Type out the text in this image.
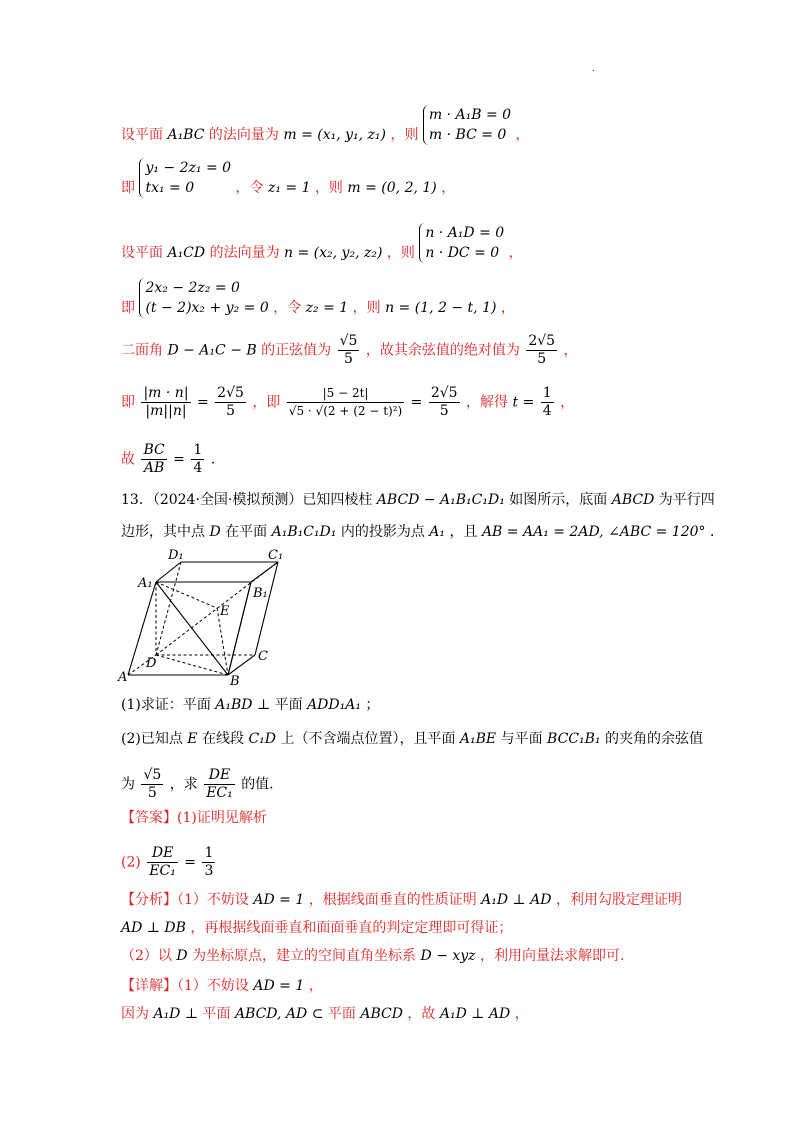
.
设平面 A₁BC 的法向量为 m = (x₁, y₁, z₁) ，则 m · A₁B = 0
m · BC = 0 ，
即 y₁ − 2z₁ = 0
tx₁ = 0	，令 z₁ = 1 ，则 m = (0, 2, 1) ，
设平面 A₁CD 的法向量为 n = (x₂, y₂, z₂) ，则 n · A₁D = 0
n · DC = 0 ，
即 2x₂ − 2z₂ = 0
(t − 2)x₂ + y₂ = 0 ，令 z₂ = 1 ，则 n = (1, 2 − t, 1) ，
二面角 D − A₁C − B 的正弦值为 $\frac{√5}{5}$ ，故其余弦值的绝对值为 $\frac{2√5}{5}$ ，
即 $\frac{|m \cdot n|}{|m||n|} = \frac{2√5}{5}$ ，即 $\frac{|5 - 2t|}{\text{√5 · √(2 + (2 − t)²)}} = \frac{2√5}{5}$ ，解得 $t = \frac{1}{4}$ ，
故 $\frac{BC}{AB} = \frac{1}{4}$ .
13．（2024·全国·模拟预测）已知四棱柱 ABCD − A₁B₁C₁D₁ 如图所示，底面 ABCD 为平行四
边形，其中点 D 在平面 A₁B₁C₁D₁ 内的投影为点 A₁ ，且 AB = AA₁ = 2AD, ∠ABC = 120° ．
A	B
C
D
A₁
B₁
C₁
D₁
E
(1)求证：平面 A₁BD ⊥ 平面 ADD₁A₁ ；
(2)已知点 E 在线段 C₁D 上（不含端点位置），且平面 A₁BE 与平面 BCC₁B₁ 的夹角的余弦值
为 $\frac{√5}{5}$ ，求 $\frac{DE}{\text{EC₁}}$ 的值.
【答案】(1)证明见解析
$(2) \frac{DE}{\text{EC₁}} = \frac{1}{3}$
【分析】（1）不妨设 AD = 1 ，根据线面垂直的性质证明 A₁D ⊥ AD ，利用勾股定理证明
AD ⊥ DB ，再根据线面垂直和面面垂直的判定定理即可得证；
（2）以 D 为坐标原点，建立的空间直角坐标系 D − xyz ，利用向量法求解即可.
【详解】（1）不妨设 AD = 1 ，
因为 A₁D ⊥ 平面 ABCD, AD ⊂ 平面 ABCD ，故 A₁D ⊥ AD ，
